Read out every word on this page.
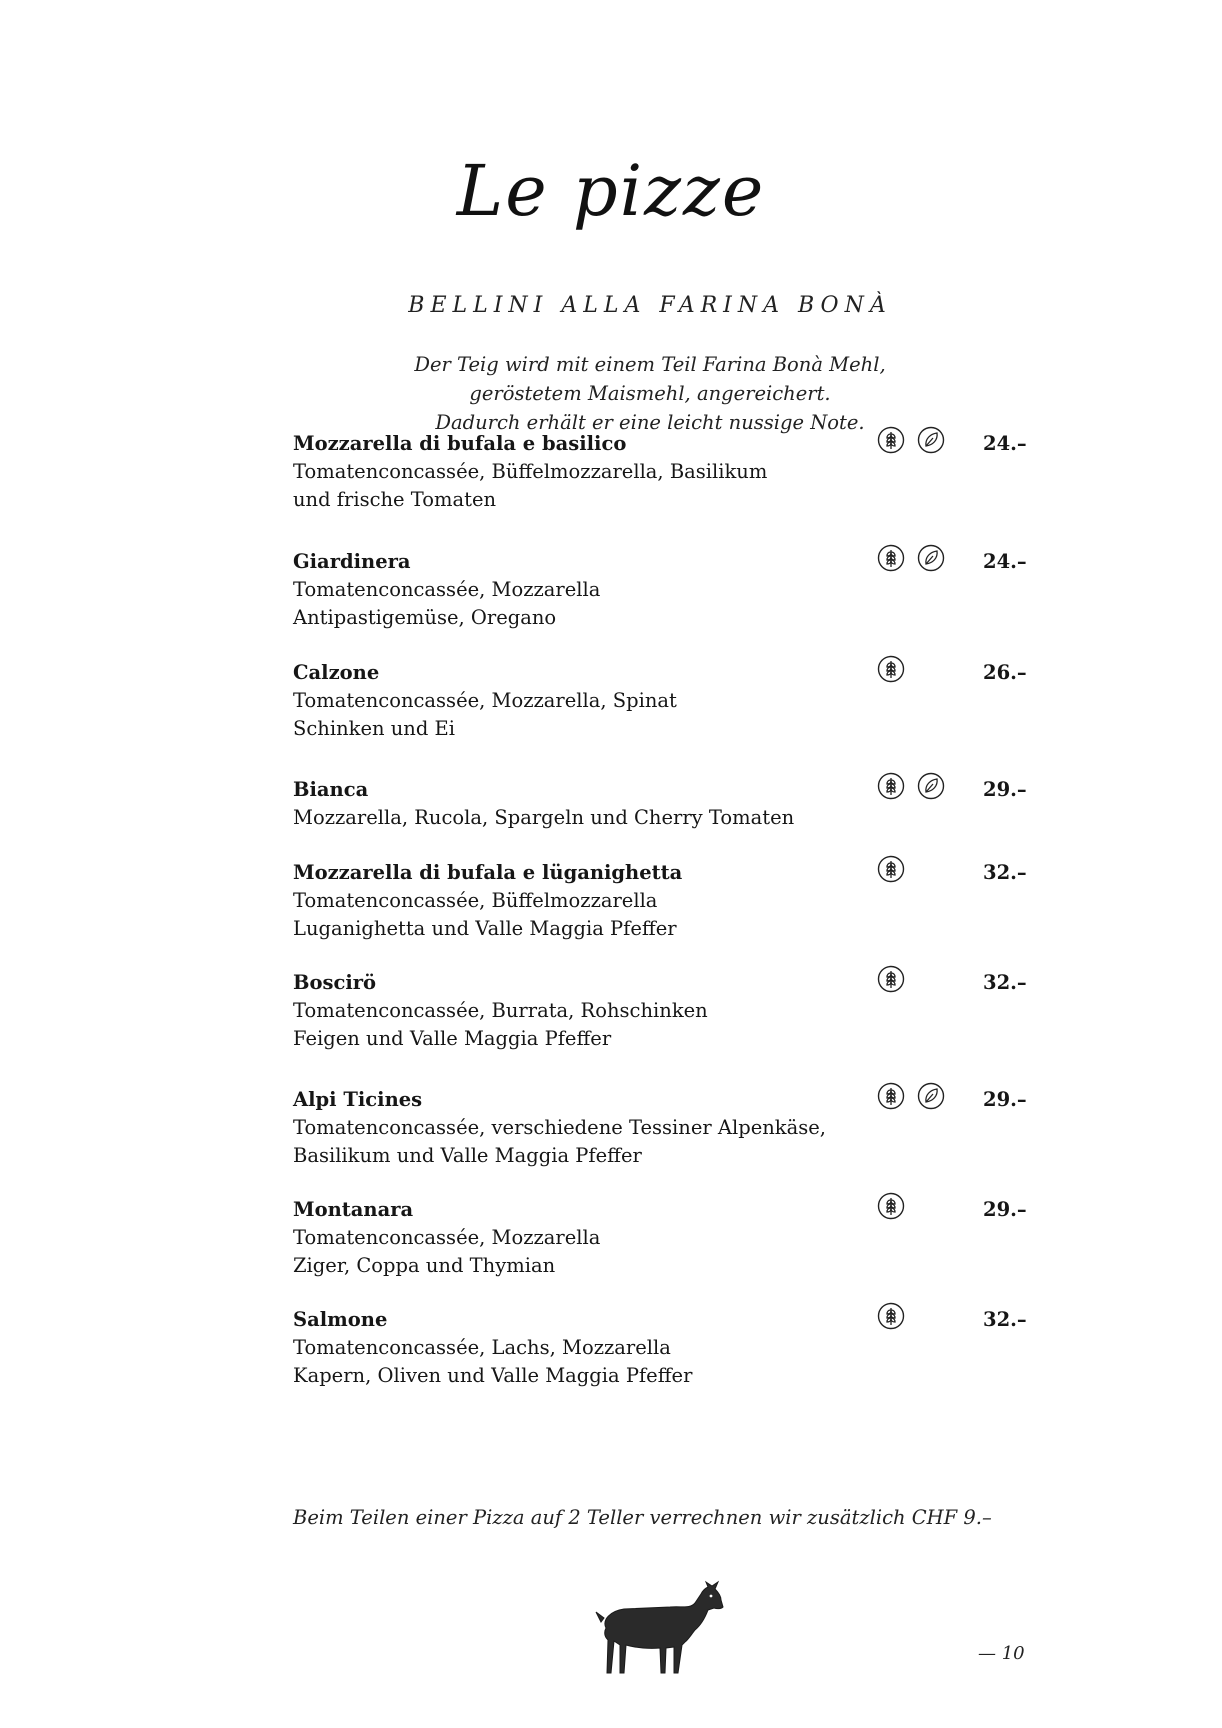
Le pizze
BELLINI ALLA FARINA BONÀ
Der Teig wird mit einem Teil Farina Bonà Mehl,
geröstetem Maismehl, angereichert.
Dadurch erhält er eine leicht nussige Note.
Mozzarella di bufala e basilico
Tomatenconcassée, Büffelmozzarella, Basilikum
und frische Tomaten
24.–
Giardinera
Tomatenconcassée, Mozzarella
Antipastigemüse, Oregano
24.–
Calzone
Tomatenconcassée, Mozzarella, Spinat
Schinken und Ei
26.–
Bianca
Mozzarella, Rucola, Spargeln und Cherry Tomaten
29.–
Mozzarella di bufala e lüganighetta
Tomatenconcassée, Büffelmozzarella
Luganighetta und Valle Maggia Pfeffer
32.–
Boscirö
Tomatenconcassée, Burrata, Rohschinken
Feigen und Valle Maggia Pfeffer
32.–
Alpi Ticines
Tomatenconcassée, verschiedene Tessiner Alpenkäse,
Basilikum und Valle Maggia Pfeffer
29.–
Montanara
Tomatenconcassée, Mozzarella
Ziger, Coppa und Thymian
29.–
Salmone
Tomatenconcassée, Lachs, Mozzarella
Kapern, Oliven und Valle Maggia Pfeffer
32.–
Beim Teilen einer Pizza auf 2 Teller verrechnen wir zusätzlich CHF 9.–
— 10
